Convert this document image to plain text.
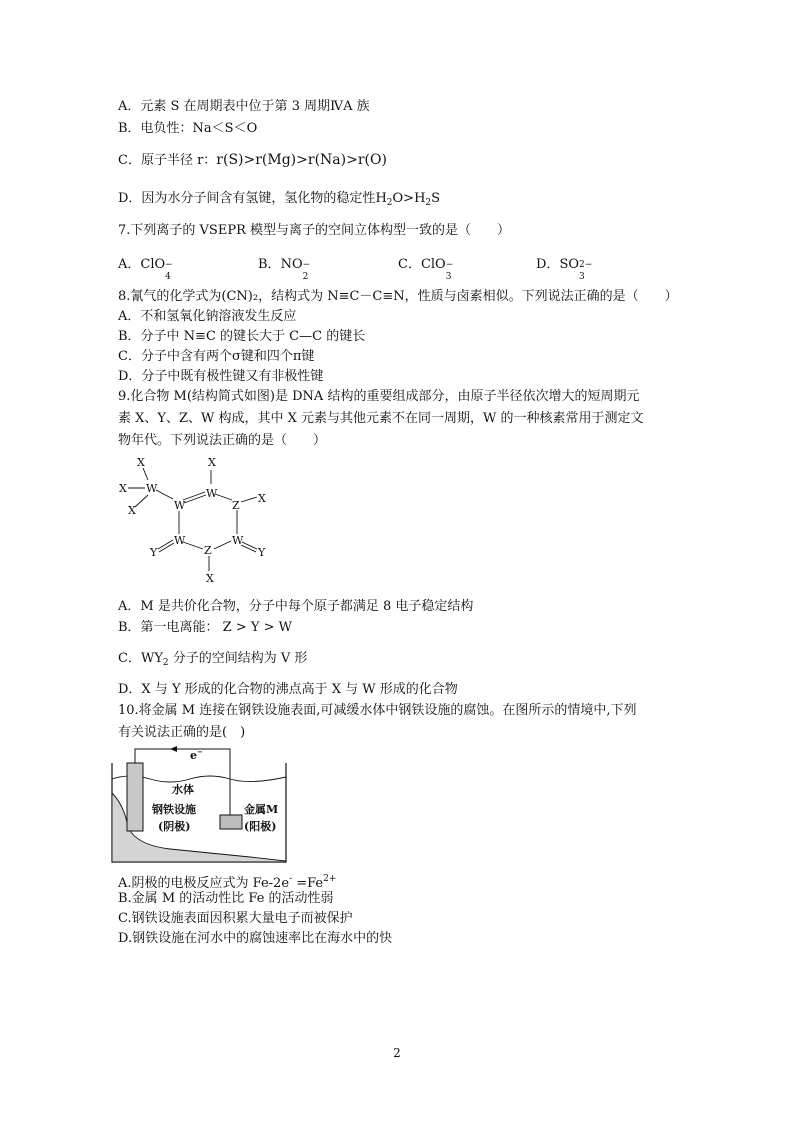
A．元素 S 在周期表中位于第 3 周期ⅣA 族
B．电负性：Na＜S＜O
C．原子半径 r：r(S)>r(Mg)>r(Na)>r(O)
D．因为水分子间含有氢键，氢化物的稳定性$H_2O>H_2S$
7.下列离子的 VSEPR 模型与离子的空间立体构型一致的是（　　）
A．ClO −
4
B．NO −
2
C．ClO −
3
D．SO 2−
3
8.氰气的化学式为(CN)₂，结构式为 N≡C－C≡N，性质与卤素相似。下列说法正确的是（　　）
A．不和氢氧化钠溶液发生反应
B．分子中 N≡C 的键长大于 C—C 的键长
C．分子中含有两个σ键和四个π键
D．分子中既有极性键又有非极性键
9.化合物 M(结构简式如图)是 DNA 结构的重要组成部分，由原子半径依次增大的短周期元
素 X、Y、Z、W 构成，其中 X 元素与其他元素不在同一周期，W 的一种核素常用于测定文
物年代。下列说法正确的是（　　）
X
X
X
W
W
X
W
Z
X
W
Y	Z
X
W
Y
A．M 是共价化合物，分子中每个原子都满足 8 电子稳定结构
B．第一电离能： Z > Y > W
C．$WY_2$ 分子的空间结构为 V 形
D．X 与 Y 形成的化合物的沸点高于 X 与 W 形成的化合物
10.将金属 M 连接在钢铁设施表面,可减缓水体中钢铁设施的腐蚀。在图所示的情境中,下列
有关说法正确的是(　)
e −
水体
钢铁设施
(阴极)
金属M
(阳极)
A.阴极的电极反应式为 $Fe-2e^- =Fe^{2+}$
B.金属 M 的活动性比 Fe 的活动性弱
C.钢铁设施表面因积累大量电子而被保护
D.钢铁设施在河水中的腐蚀速率比在海水中的快
2
